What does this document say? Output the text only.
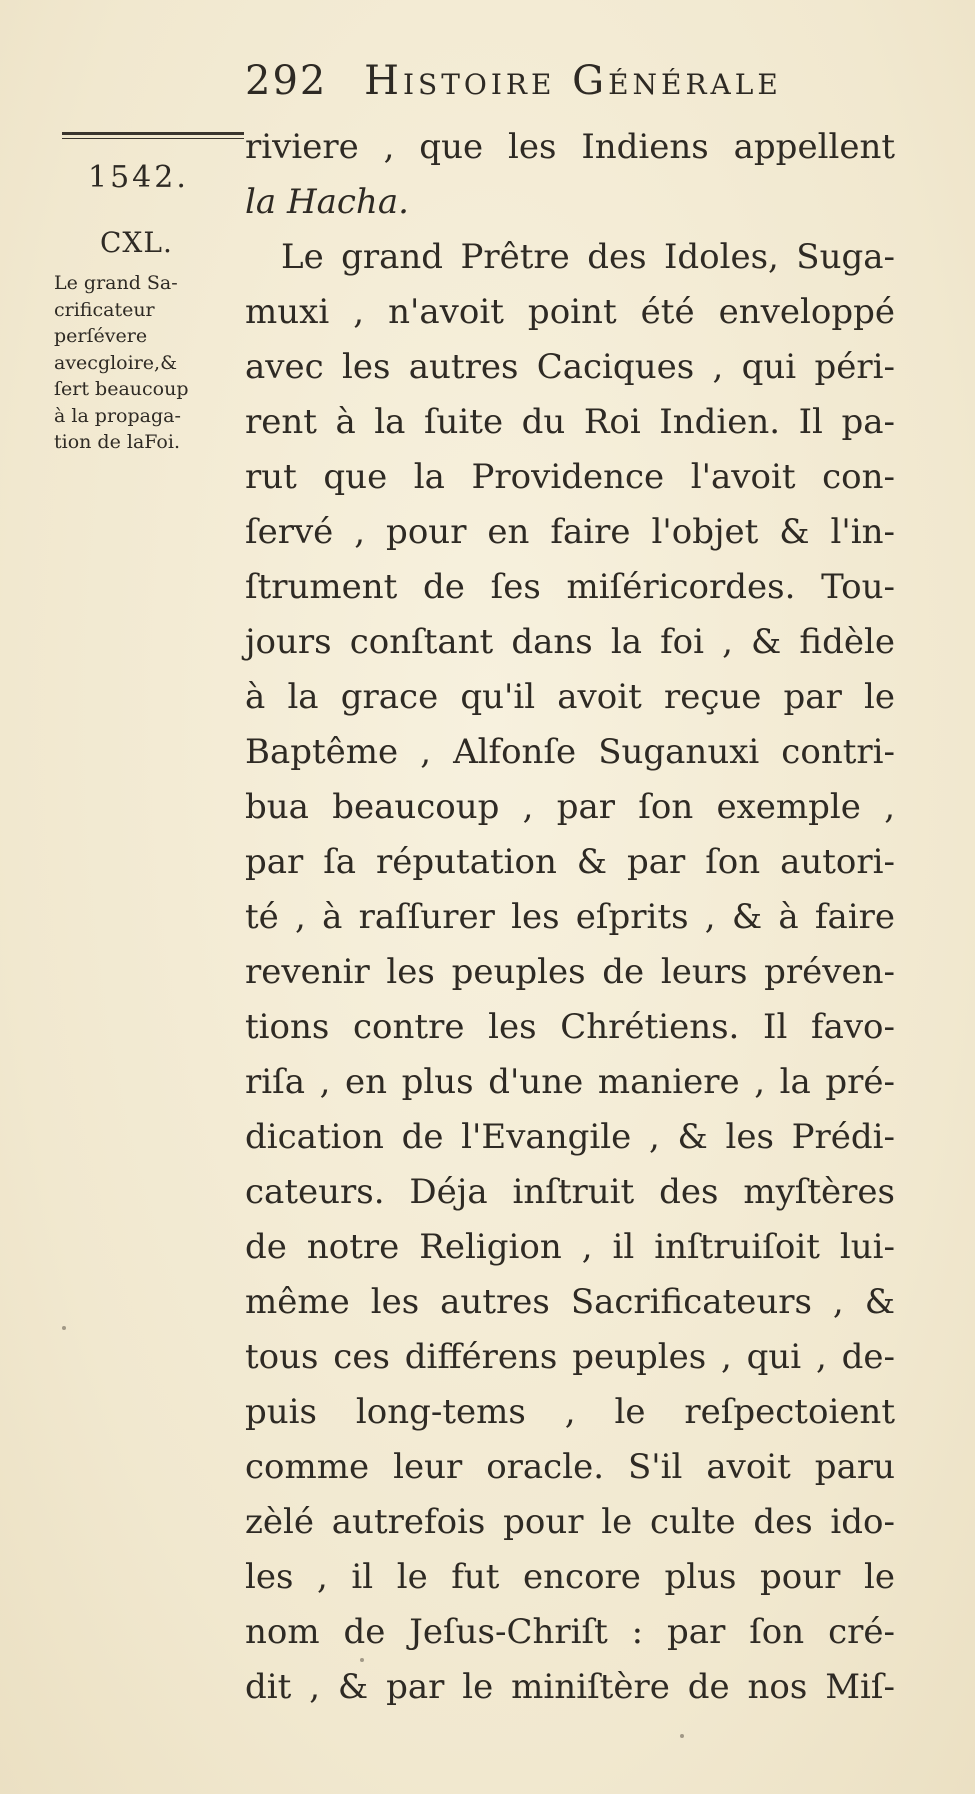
292 Histoire Générale
1542.
CXL.
Le grand Sa-
crificateur
perſévere
avecgloire,&
ſert beaucoup
à la propaga-
tion de laFoi.
riviere , que les Indiens appellent
la Hacha.
Le grand Prêtre des Idoles, Suga-
muxi , n'avoit point été enveloppé
avec les autres Caciques , qui péri-
rent à la ſuite du Roi Indien. Il pa-
rut que la Providence l'avoit con-
ſervé , pour en faire l'objet & l'in-
ſtrument de ſes miſéricordes. Tou-
jours conſtant dans la foi , & fidèle
à la grace qu'il avoit reçue par le
Baptême , Alfonſe Suganuxi contri-
bua beaucoup , par ſon exemple ,
par ſa réputation & par ſon autori-
té , à raſſurer les eſprits , & à faire
revenir les peuples de leurs préven-
tions contre les Chrétiens. Il favo-
riſa , en plus d'une maniere , la pré-
dication de l'Evangile , & les Prédi-
cateurs. Déja inſtruit des myſtères
de notre Religion , il inſtruiſoit lui-
même les autres Sacrificateurs , &
tous ces différens peuples , qui , de-
puis long-tems , le reſpectoient
comme leur oracle. S'il avoit paru
zèlé autrefois pour le culte des ido-
les , il le fut encore plus pour le
nom de Jeſus-Chriſt : par ſon cré-
dit , & par le miniſtère de nos Miſ-
